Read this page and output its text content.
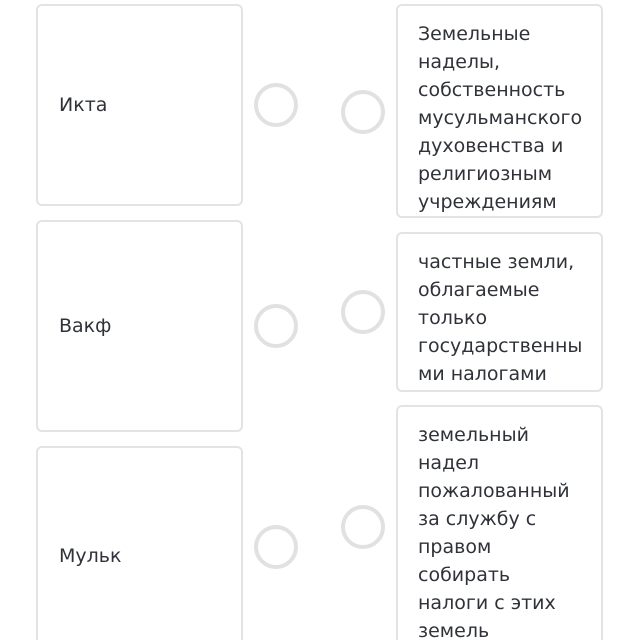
Икта
Вакф
Мульк
Земельные
наделы,
собственность
мусульманского
духовенства и
религиозным
учреждениям
частные земли,
облагаемые
только
государственны
ми налогами
земельный
надел
пожалованный
за службу с
правом
собирать
налоги с этих
земель
